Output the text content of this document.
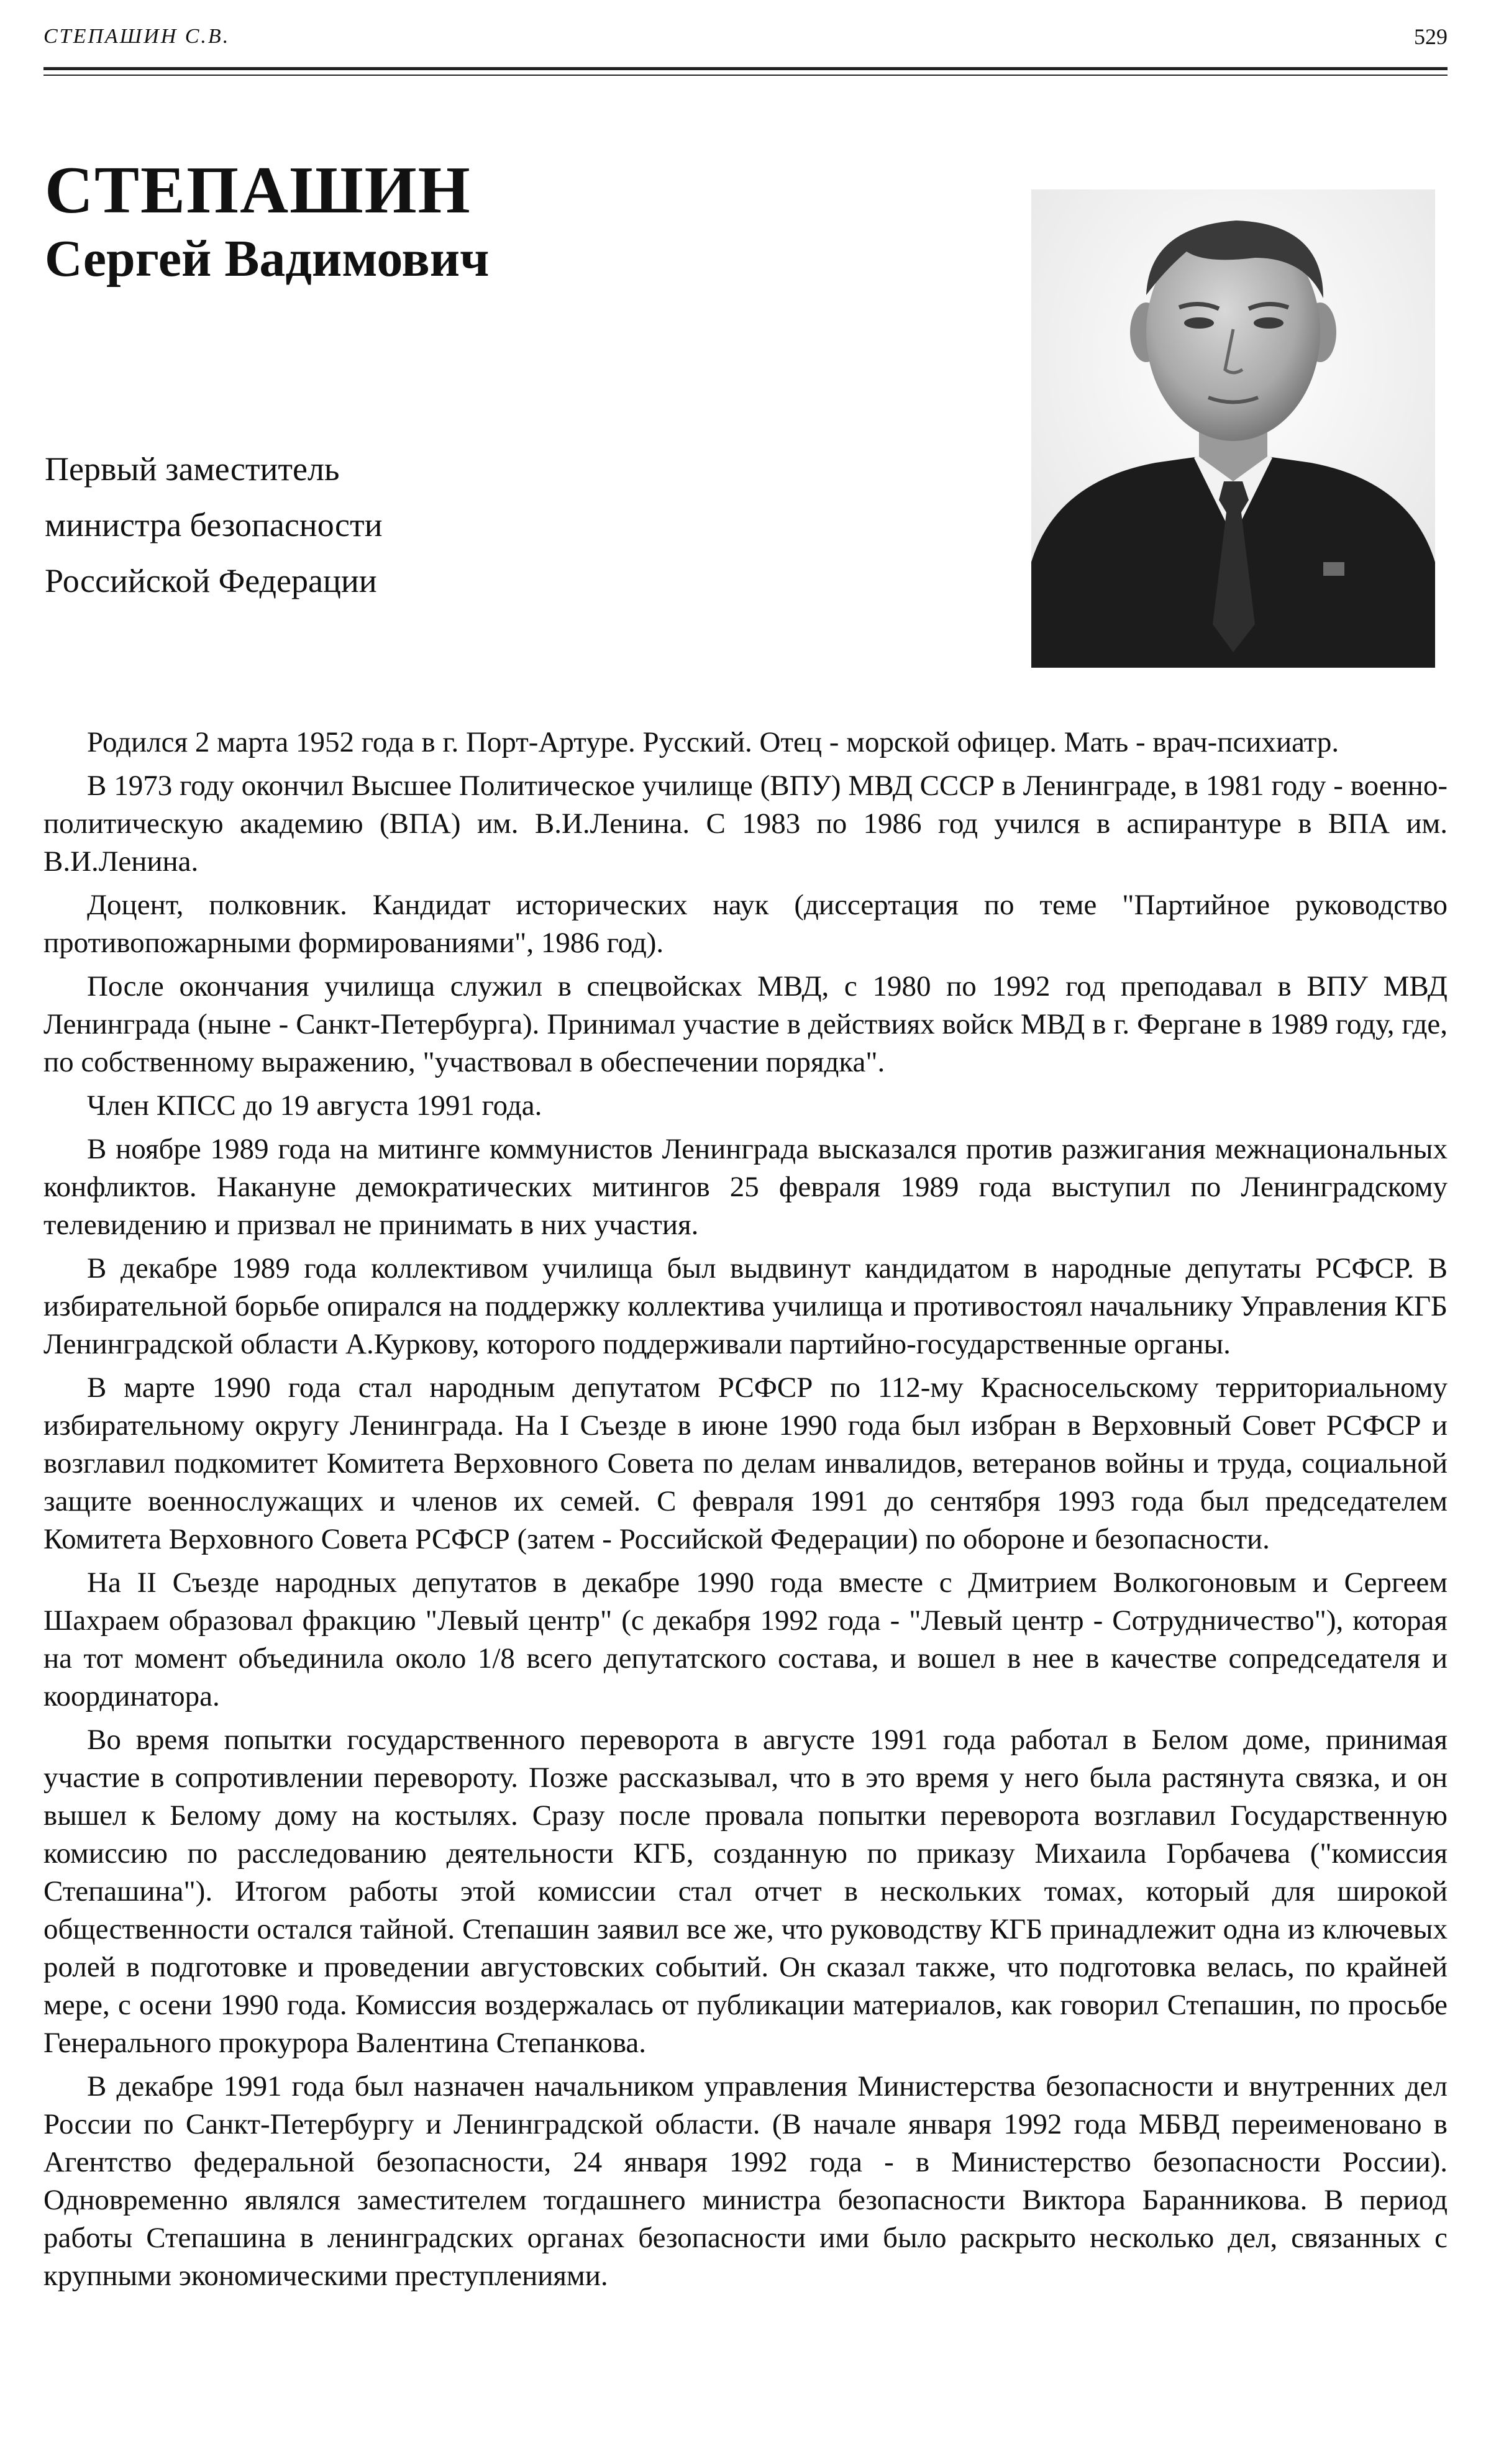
СТЕПАШИН С.В.	529
СТЕПАШИН
Сергей Вадимович
Первый заместитель
министра безопасности
Российской Федерации

Родился 2 марта 1952 года в г. Порт-Артуре. Русский. Отец - морской офицер. Мать - врач-психиатр.

В 1973 году окончил Высшее Политическое училище (ВПУ) МВД СССР в Ленинграде, в 1981 году - военно-политическую академию (ВПА) им. В.И.Ленина. С 1983 по 1986 год учился в аспирантуре в ВПА им. В.И.Ленина.

Доцент, полковник. Кандидат исторических наук (диссертация по теме "Партийное руководство противопожарными формированиями", 1986 год).

После окончания училища служил в спецвойсках МВД, с 1980 по 1992 год преподавал в ВПУ МВД Ленинграда (ныне - Санкт-Петербурга). Принимал участие в действиях войск МВД в г. Фергане в 1989 году, где, по собственному выражению, "участвовал в обеспечении порядка".

Член КПСС до 19 августа 1991 года.

В ноябре 1989 года на митинге коммунистов Ленинграда высказался против разжигания межнациональных конфликтов. Накануне демократических митингов 25 февраля 1989 года выступил по Ленинградскому телевидению и призвал не принимать в них участия.

В декабре 1989 года коллективом училища был выдвинут кандидатом в народные депутаты РСФСР. В избирательной борьбе опирался на поддержку коллектива училища и противостоял начальнику Управления КГБ Ленинградской области А.Куркову, которого поддерживали партийно-государственные органы.

В марте 1990 года стал народным депутатом РСФСР по 112-му Красносельскому территориальному избирательному округу Ленинграда. На I Съезде в июне 1990 года был избран в Верховный Совет РСФСР и возглавил подкомитет Комитета Верховного Совета по делам инвалидов, ветеранов войны и труда, социальной защите военнослужащих и членов их семей. С февраля 1991 до сентября 1993 года был председателем Комитета Верховного Совета РСФСР (затем - Российской Федерации) по обороне и безопасности.

На II Съезде народных депутатов в декабре 1990 года вместе с Дмитрием Волкогоновым и Сергеем Шахраем образовал фракцию "Левый центр" (с декабря 1992 года - "Левый центр - Сотрудничество"), которая на тот момент объединила около 1/8 всего депутатского состава, и вошел в нее в качестве сопредседателя и координатора.

Во время попытки государственного переворота в августе 1991 года работал в Белом доме, принимая участие в сопротивлении перевороту. Позже рассказывал, что в это время у него была растянута связка, и он вышел к Белому дому на костылях. Сразу после провала попытки переворота возглавил Государственную комиссию по расследованию деятельности КГБ, созданную по приказу Михаила Горбачева ("комиссия Степашина"). Итогом работы этой комиссии стал отчет в нескольких томах, который для широкой общественности остался тайной. Степашин заявил все же, что руководству КГБ принадлежит одна из ключевых ролей в подготовке и проведении августовских событий. Он сказал также, что подготовка велась, по крайней мере, с осени 1990 года. Комиссия воздержалась от публикации материалов, как говорил Степашин, по просьбе Генерального прокурора Валентина Степанкова.

В декабре 1991 года был назначен начальником управления Министерства безопасности и внутренних дел России по Санкт-Петербургу и Ленинградской области. (В начале января 1992 года МБВД переименовано в Агентство федеральной безопасности, 24 января 1992 года - в Министерство безопасности России). Одновременно являлся заместителем тогдашнего министра безопасности Виктора Баранникова. В период работы Степашина в ленинградских органах безопасности ими было раскрыто несколько дел, связанных с крупными экономическими преступлениями.
